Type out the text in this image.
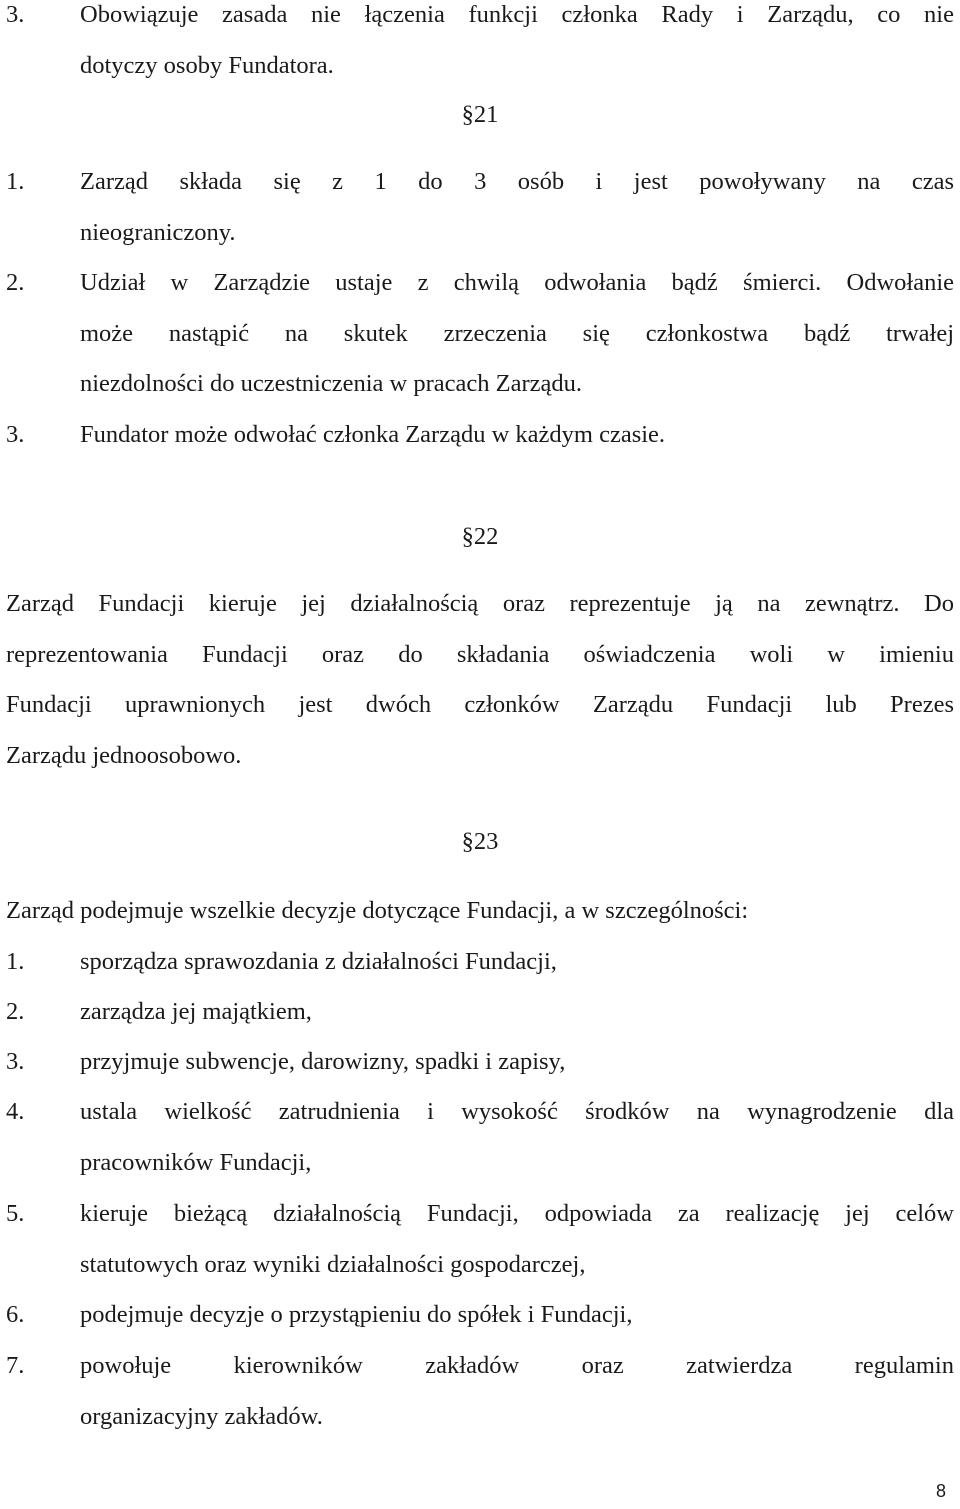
3. Obowiązuje zasada nie łączenia funkcji członka Rady i Zarządu, co nie
dotyczy osoby Fundatora.
§21
1. Zarząd składa się z 1 do 3 osób i jest powoływany na czas
nieograniczony.
2. Udział w Zarządzie ustaje z chwilą odwołania bądź śmierci. Odwołanie
może nastąpić na skutek zrzeczenia się członkostwa bądź trwałej
niezdolności do uczestniczenia w pracach Zarządu.
3. Fundator może odwołać członka Zarządu w każdym czasie.
§22
Zarząd Fundacji kieruje jej działalnością oraz reprezentuje ją na zewnątrz. Do
reprezentowania Fundacji oraz do składania oświadczenia woli w imieniu
Fundacji uprawnionych jest dwóch członków Zarządu Fundacji lub Prezes
Zarządu jednoosobowo.
§23
Zarząd podejmuje wszelkie decyzje dotyczące Fundacji, a w szczególności:
1. sporządza sprawozdania z działalności Fundacji,
2. zarządza jej majątkiem,
3. przyjmuje subwencje, darowizny, spadki i zapisy,
4. ustala wielkość zatrudnienia i wysokość środków na wynagrodzenie dla
pracowników Fundacji,
5. kieruje bieżącą działalnością Fundacji, odpowiada za realizację jej celów
statutowych oraz wyniki działalności gospodarczej,
6. podejmuje decyzje o przystąpieniu do spółek i Fundacji,
7. powołuje kierowników zakładów oraz zatwierdza regulamin
organizacyjny zakładów.
8
